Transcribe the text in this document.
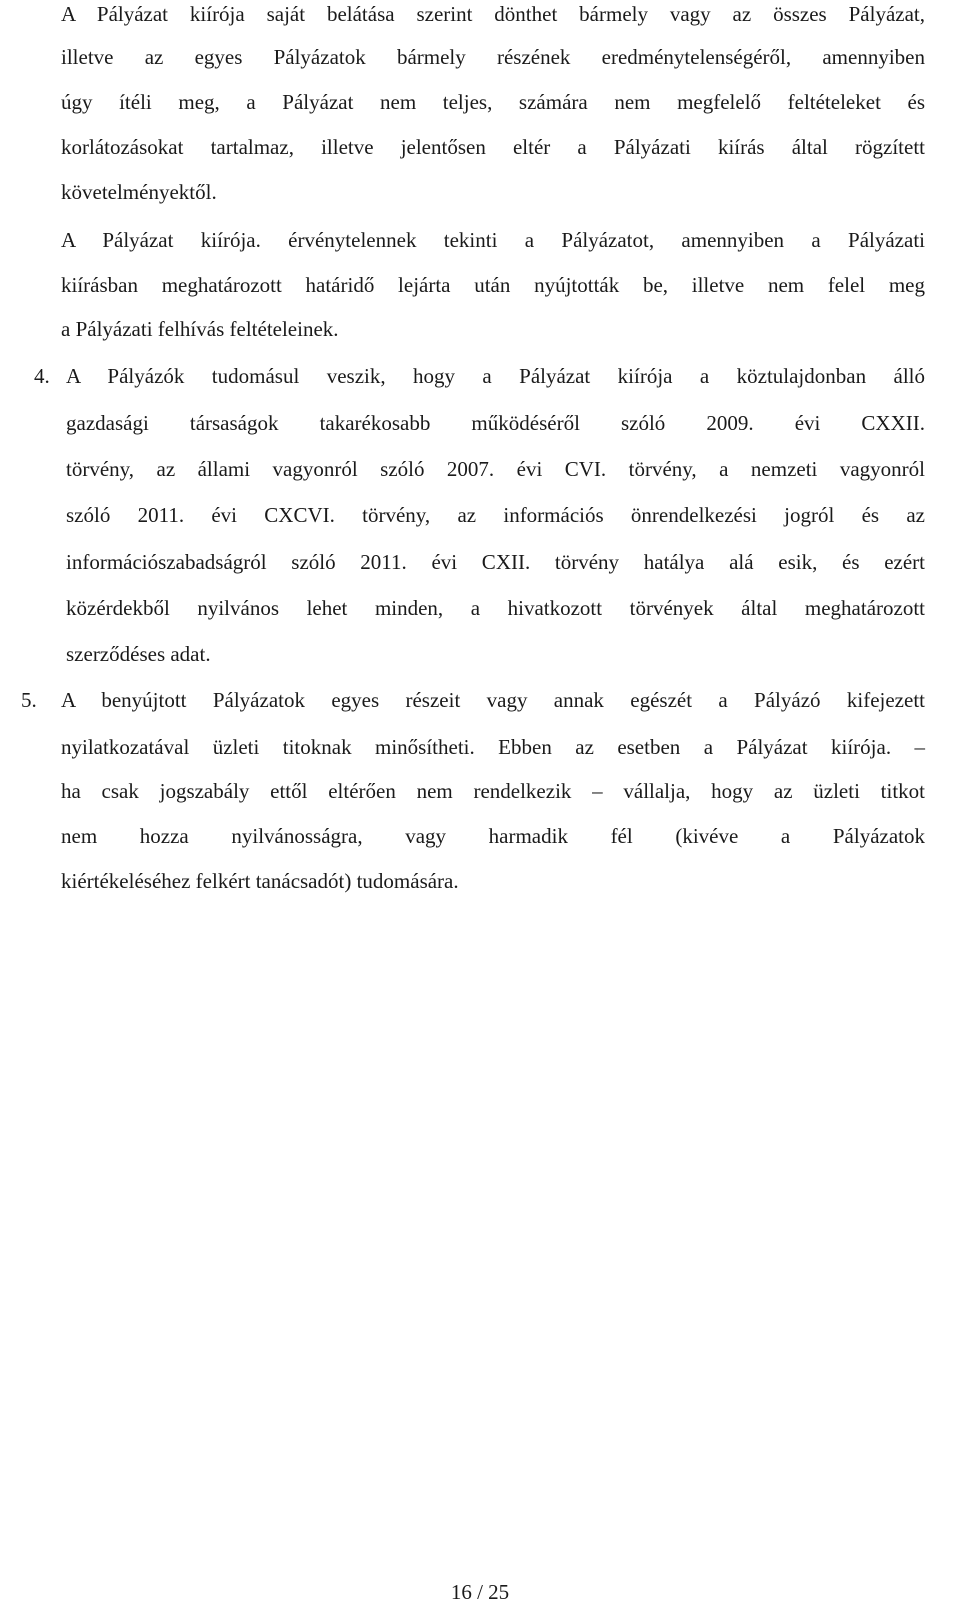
A Pályázat kiírója saját belátása szerint dönthet bármely vagy az összes Pályázat,
illetve az egyes Pályázatok bármely részének eredménytelenségéről, amennyiben
úgy ítéli meg, a Pályázat nem teljes, számára nem megfelelő feltételeket és
korlátozásokat tartalmaz, illetve jelentősen eltér a Pályázati kiírás által rögzített
követelményektől.
A Pályázat kiírója. érvénytelennek tekinti a Pályázatot, amennyiben a Pályázati
kiírásban meghatározott határidő lejárta után nyújtották be, illetve nem felel meg
a Pályázati felhívás feltételeinek.
4. A Pályázók tudomásul veszik, hogy a Pályázat kiírója a köztulajdonban álló
gazdasági társaságok takarékosabb működéséről szóló 2009. évi CXXII.
törvény, az állami vagyonról szóló 2007. évi CVI. törvény, a nemzeti vagyonról
szóló 2011. évi CXCVI. törvény, az információs önrendelkezési jogról és az
információszabadságról szóló 2011. évi CXII. törvény hatálya alá esik, és ezért
közérdekből nyilvános lehet minden, a hivatkozott törvények által meghatározott
szerződéses adat.
5. A benyújtott Pályázatok egyes részeit vagy annak egészét a Pályázó kifejezett
nyilatkozatával üzleti titoknak minősítheti. Ebben az esetben a Pályázat kiírója. –
ha csak jogszabály ettől eltérően nem rendelkezik – vállalja, hogy az üzleti titkot
nem hozza nyilvánosságra, vagy harmadik fél (kivéve a Pályázatok
kiértékeléséhez felkért tanácsadót) tudomására.
16 / 25
